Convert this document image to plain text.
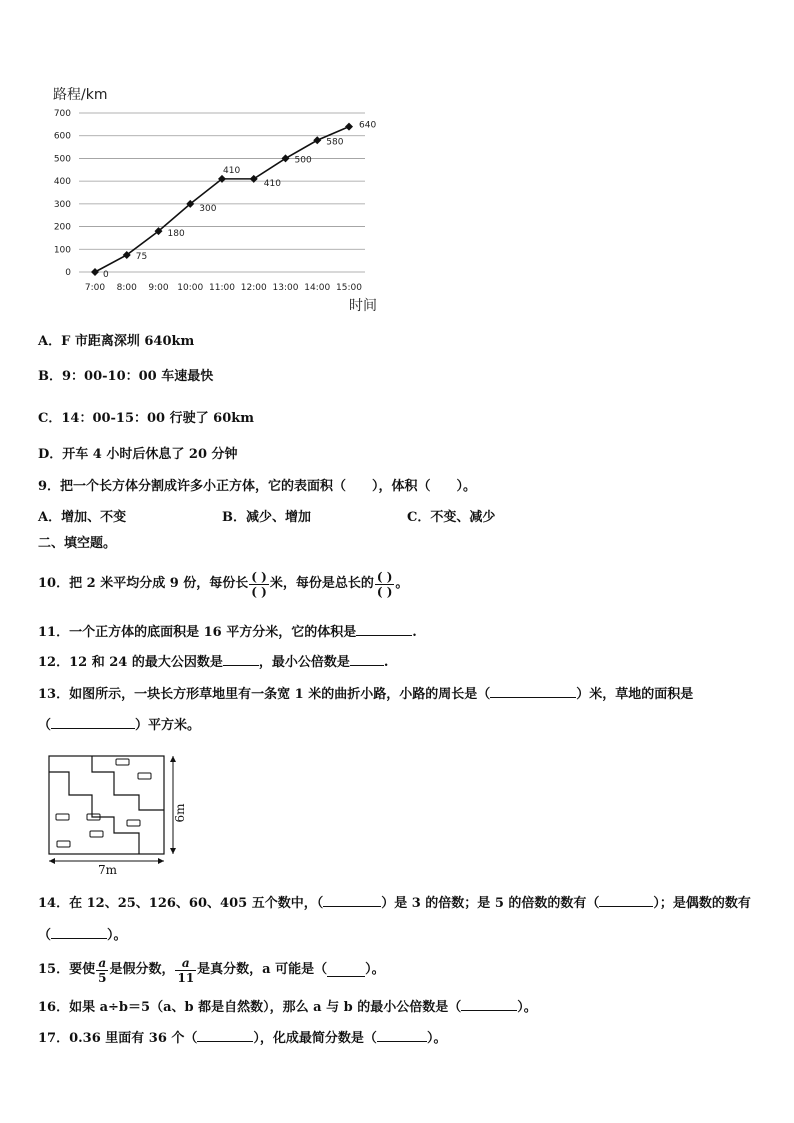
路程/km
时间
0
100
200
300
400
500
600
700
7:00 8:00 9:00 10:00 11:00 12:00 13:00 14:00 15:00
0
75
180
300
410
410
500
580
640
A．F 市距离深圳 640km
B．9：00-10：00 车速最快
C．14：00-15：00 行驶了 60km
D．开车 4 小时后休息了 20 分钟
9．把一个长方体分割成许多小正方体，它的表面积（　　），体积（　　）。
A．增加、不变	B．减少、增加	C．不变、减少
二、填空题。
10．把 2 米平均分成 9 份，每份长 $\frac{( )}{( )}$ 米，每份是总长的 $\frac{( )}{( )}$ 。
11．一个正方体的底面积是 16 平方分米，它的体积是	.
12．12 和 24 的最大公因数是	，最小公倍数是	.
13．如图所示，一块长方形草地里有一条宽 1 米的曲折小路，小路的周长是（	）米，草地的面积是
（	）平方米。
7m
6m
14．在 12、25、126、60、405 五个数中，（	）是 3 的倍数；是 5 的倍数的数有（	）；是偶数的数有
（	）。
15．要使 $\frac{a}{5}$ 是假分数， $\frac{a}{11}$ 是真分数，a 可能是（	）。
16．如果 a÷b＝5（a、b 都是自然数），那么 a 与 b 的最小公倍数是（	）。
17．0.36 里面有 36 个（	），化成最简分数是（	）。
